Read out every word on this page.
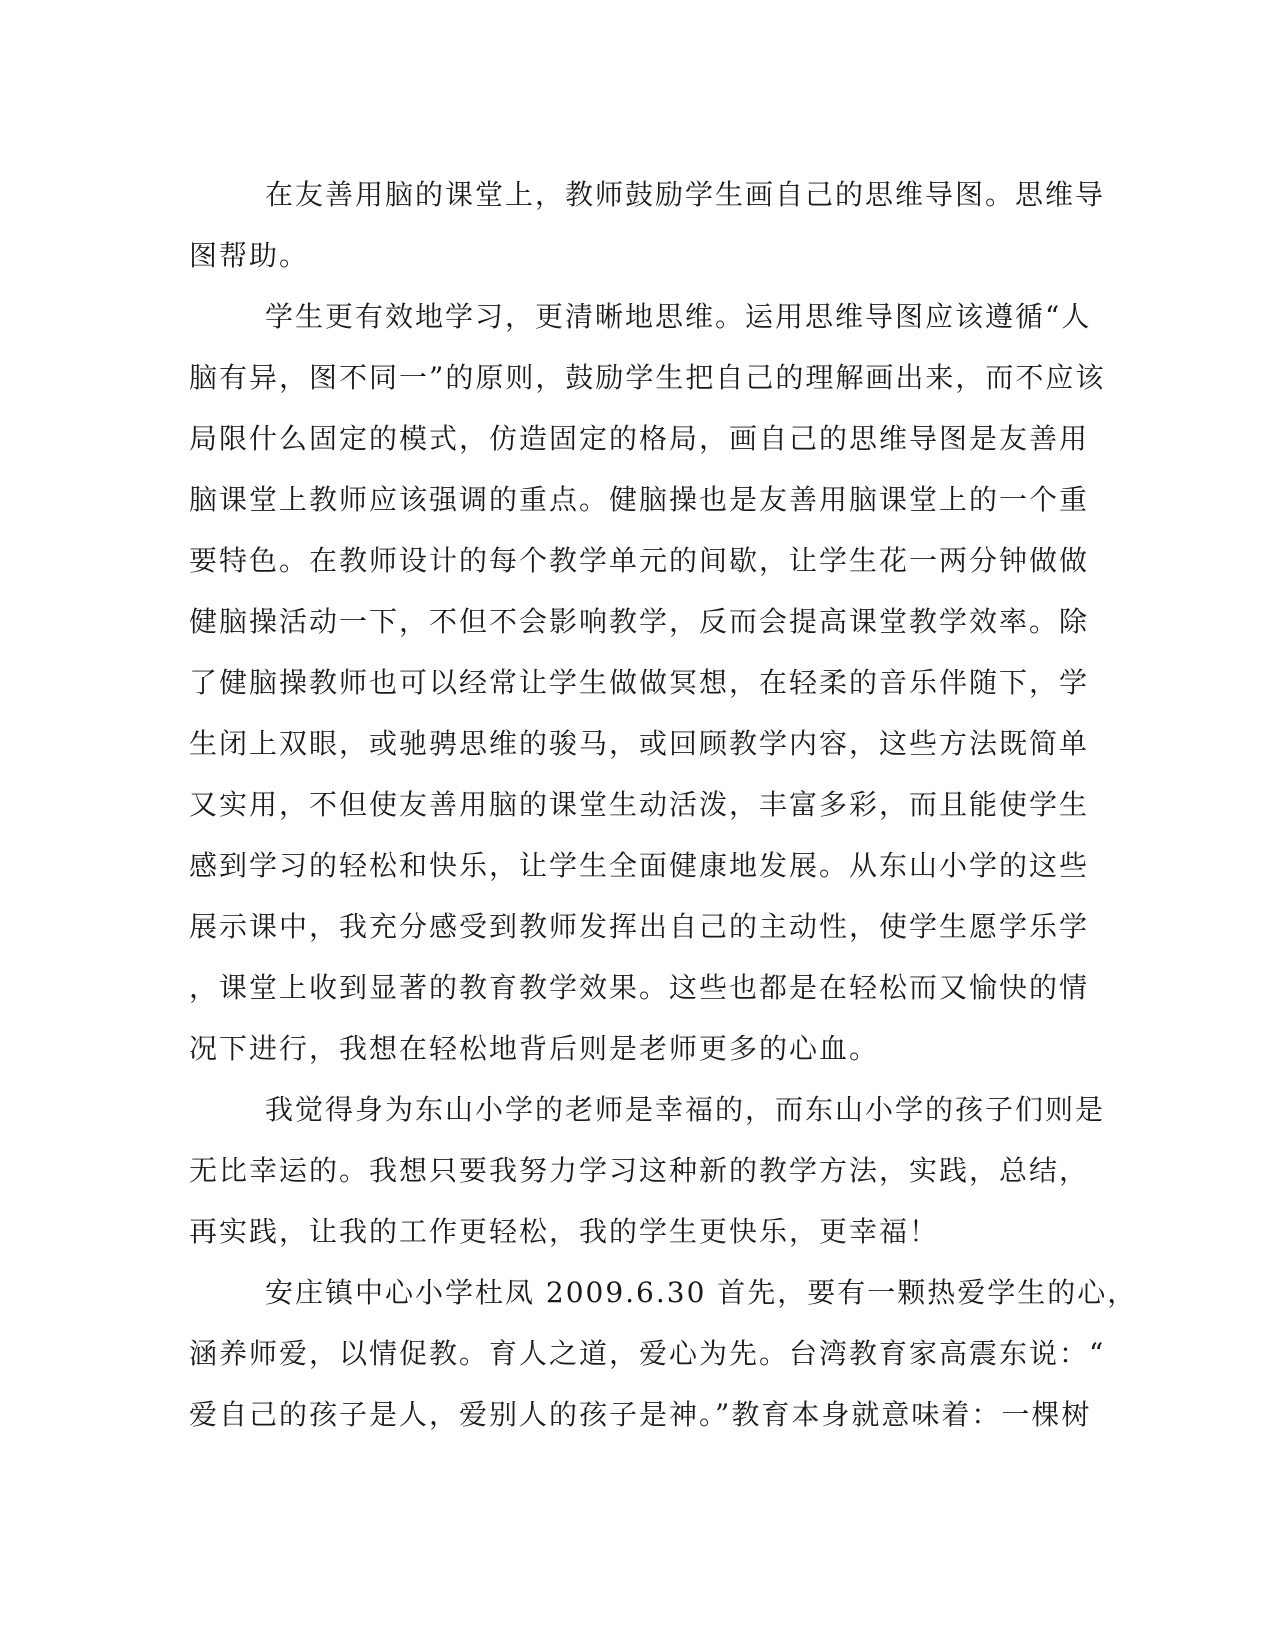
在友善用脑的课堂上，教师鼓励学生画自己的思维导图。思维导
图帮助。
学生更有效地学习，更清晰地思维。运用思维导图应该遵循“人
脑有异，图不同一”的原则，鼓励学生把自己的理解画出来，而不应该
局限什么固定的模式，仿造固定的格局，画自己的思维导图是友善用
脑课堂上教师应该强调的重点。健脑操也是友善用脑课堂上的一个重
要特色。在教师设计的每个教学单元的间歇，让学生花一两分钟做做
健脑操活动一下，不但不会影响教学，反而会提高课堂教学效率。除
了健脑操教师也可以经常让学生做做冥想，在轻柔的音乐伴随下，学
生闭上双眼，或驰骋思维的骏马，或回顾教学内容，这些方法既简单
又实用，不但使友善用脑的课堂生动活泼，丰富多彩，而且能使学生
感到学习的轻松和快乐，让学生全面健康地发展。从东山小学的这些
展示课中，我充分感受到教师发挥出自己的主动性，使学生愿学乐学
，课堂上收到显著的教育教学效果。这些也都是在轻松而又愉快的情
况下进行，我想在轻松地背后则是老师更多的心血。
我觉得身为东山小学的老师是幸福的，而东山小学的孩子们则是
无比幸运的。我想只要我努力学习这种新的教学方法，实践，总结，
再实践，让我的工作更轻松，我的学生更快乐，更幸福！
安庄镇中心小学杜凤 2009.6.30 首先，要有一颗热爱学生的心，
涵养师爱，以情促教。育人之道，爱心为先。台湾教育家高震东说：“
爱自己的孩子是人，爱别人的孩子是神。”教育本身就意味着：一棵树
